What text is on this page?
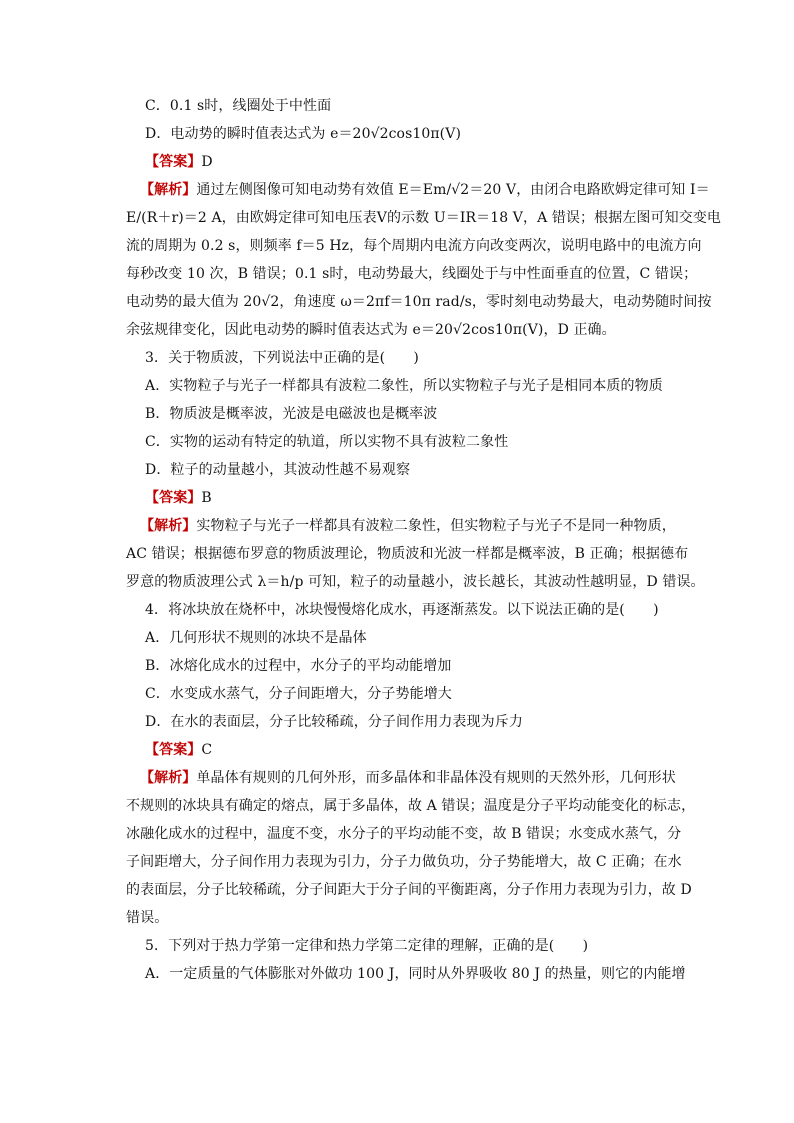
C．0.1 s时，线圈处于中性面
D．电动势的瞬时值表达式为 e＝20√2cos10π(V)
【答案】D
【解析】通过左侧图像可知电动势有效值 E＝Em/√2＝20 V，由闭合电路欧姆定律可知 I＝
E/(R＋r)＝2 A，由欧姆定律可知电压表V的示数 U＝IR＝18 V，A 错误；根据左图可知交变电
流的周期为 0.2 s，则频率 f＝5 Hz，每个周期内电流方向改变两次，说明电路中的电流方向
每秒改变 10 次，B 错误；0.1 s时，电动势最大，线圈处于与中性面垂直的位置，C 错误；
电动势的最大值为 20√2，角速度 ω＝2πf＝10π rad/s，零时刻电动势最大，电动势随时间按
余弦规律变化，因此电动势的瞬时值表达式为 e＝20√2cos10π(V)，D 正确。
3．关于物质波，下列说法中正确的是(　　)
A．实物粒子与光子一样都具有波粒二象性，所以实物粒子与光子是相同本质的物质
B．物质波是概率波，光波是电磁波也是概率波
C．实物的运动有特定的轨道，所以实物不具有波粒二象性
D．粒子的动量越小，其波动性越不易观察
【答案】B
【解析】实物粒子与光子一样都具有波粒二象性，但实物粒子与光子不是同一种物质，
AC 错误；根据德布罗意的物质波理论，物质波和光波一样都是概率波，B 正确；根据德布
罗意的物质波理公式 λ＝h/p 可知，粒子的动量越小，波长越长，其波动性越明显，D 错误。
4．将冰块放在烧杯中，冰块慢慢熔化成水，再逐渐蒸发。以下说法正确的是(　　)
A．几何形状不规则的冰块不是晶体
B．冰熔化成水的过程中，水分子的平均动能增加
C．水变成水蒸气，分子间距增大，分子势能增大
D．在水的表面层，分子比较稀疏，分子间作用力表现为斥力
【答案】C
【解析】单晶体有规则的几何外形，而多晶体和非晶体没有规则的天然外形，几何形状
不规则的冰块具有确定的熔点，属于多晶体，故 A 错误；温度是分子平均动能变化的标志，
冰融化成水的过程中，温度不变，水分子的平均动能不变，故 B 错误；水变成水蒸气，分
子间距增大，分子间作用力表现为引力，分子力做负功，分子势能增大，故 C 正确；在水
的表面层，分子比较稀疏，分子间距大于分子间的平衡距离，分子作用力表现为引力，故 D
错误。
5．下列对于热力学第一定律和热力学第二定律的理解，正确的是(　　)
A．一定质量的气体膨胀对外做功 100 J，同时从外界吸收 80 J 的热量，则它的内能增
